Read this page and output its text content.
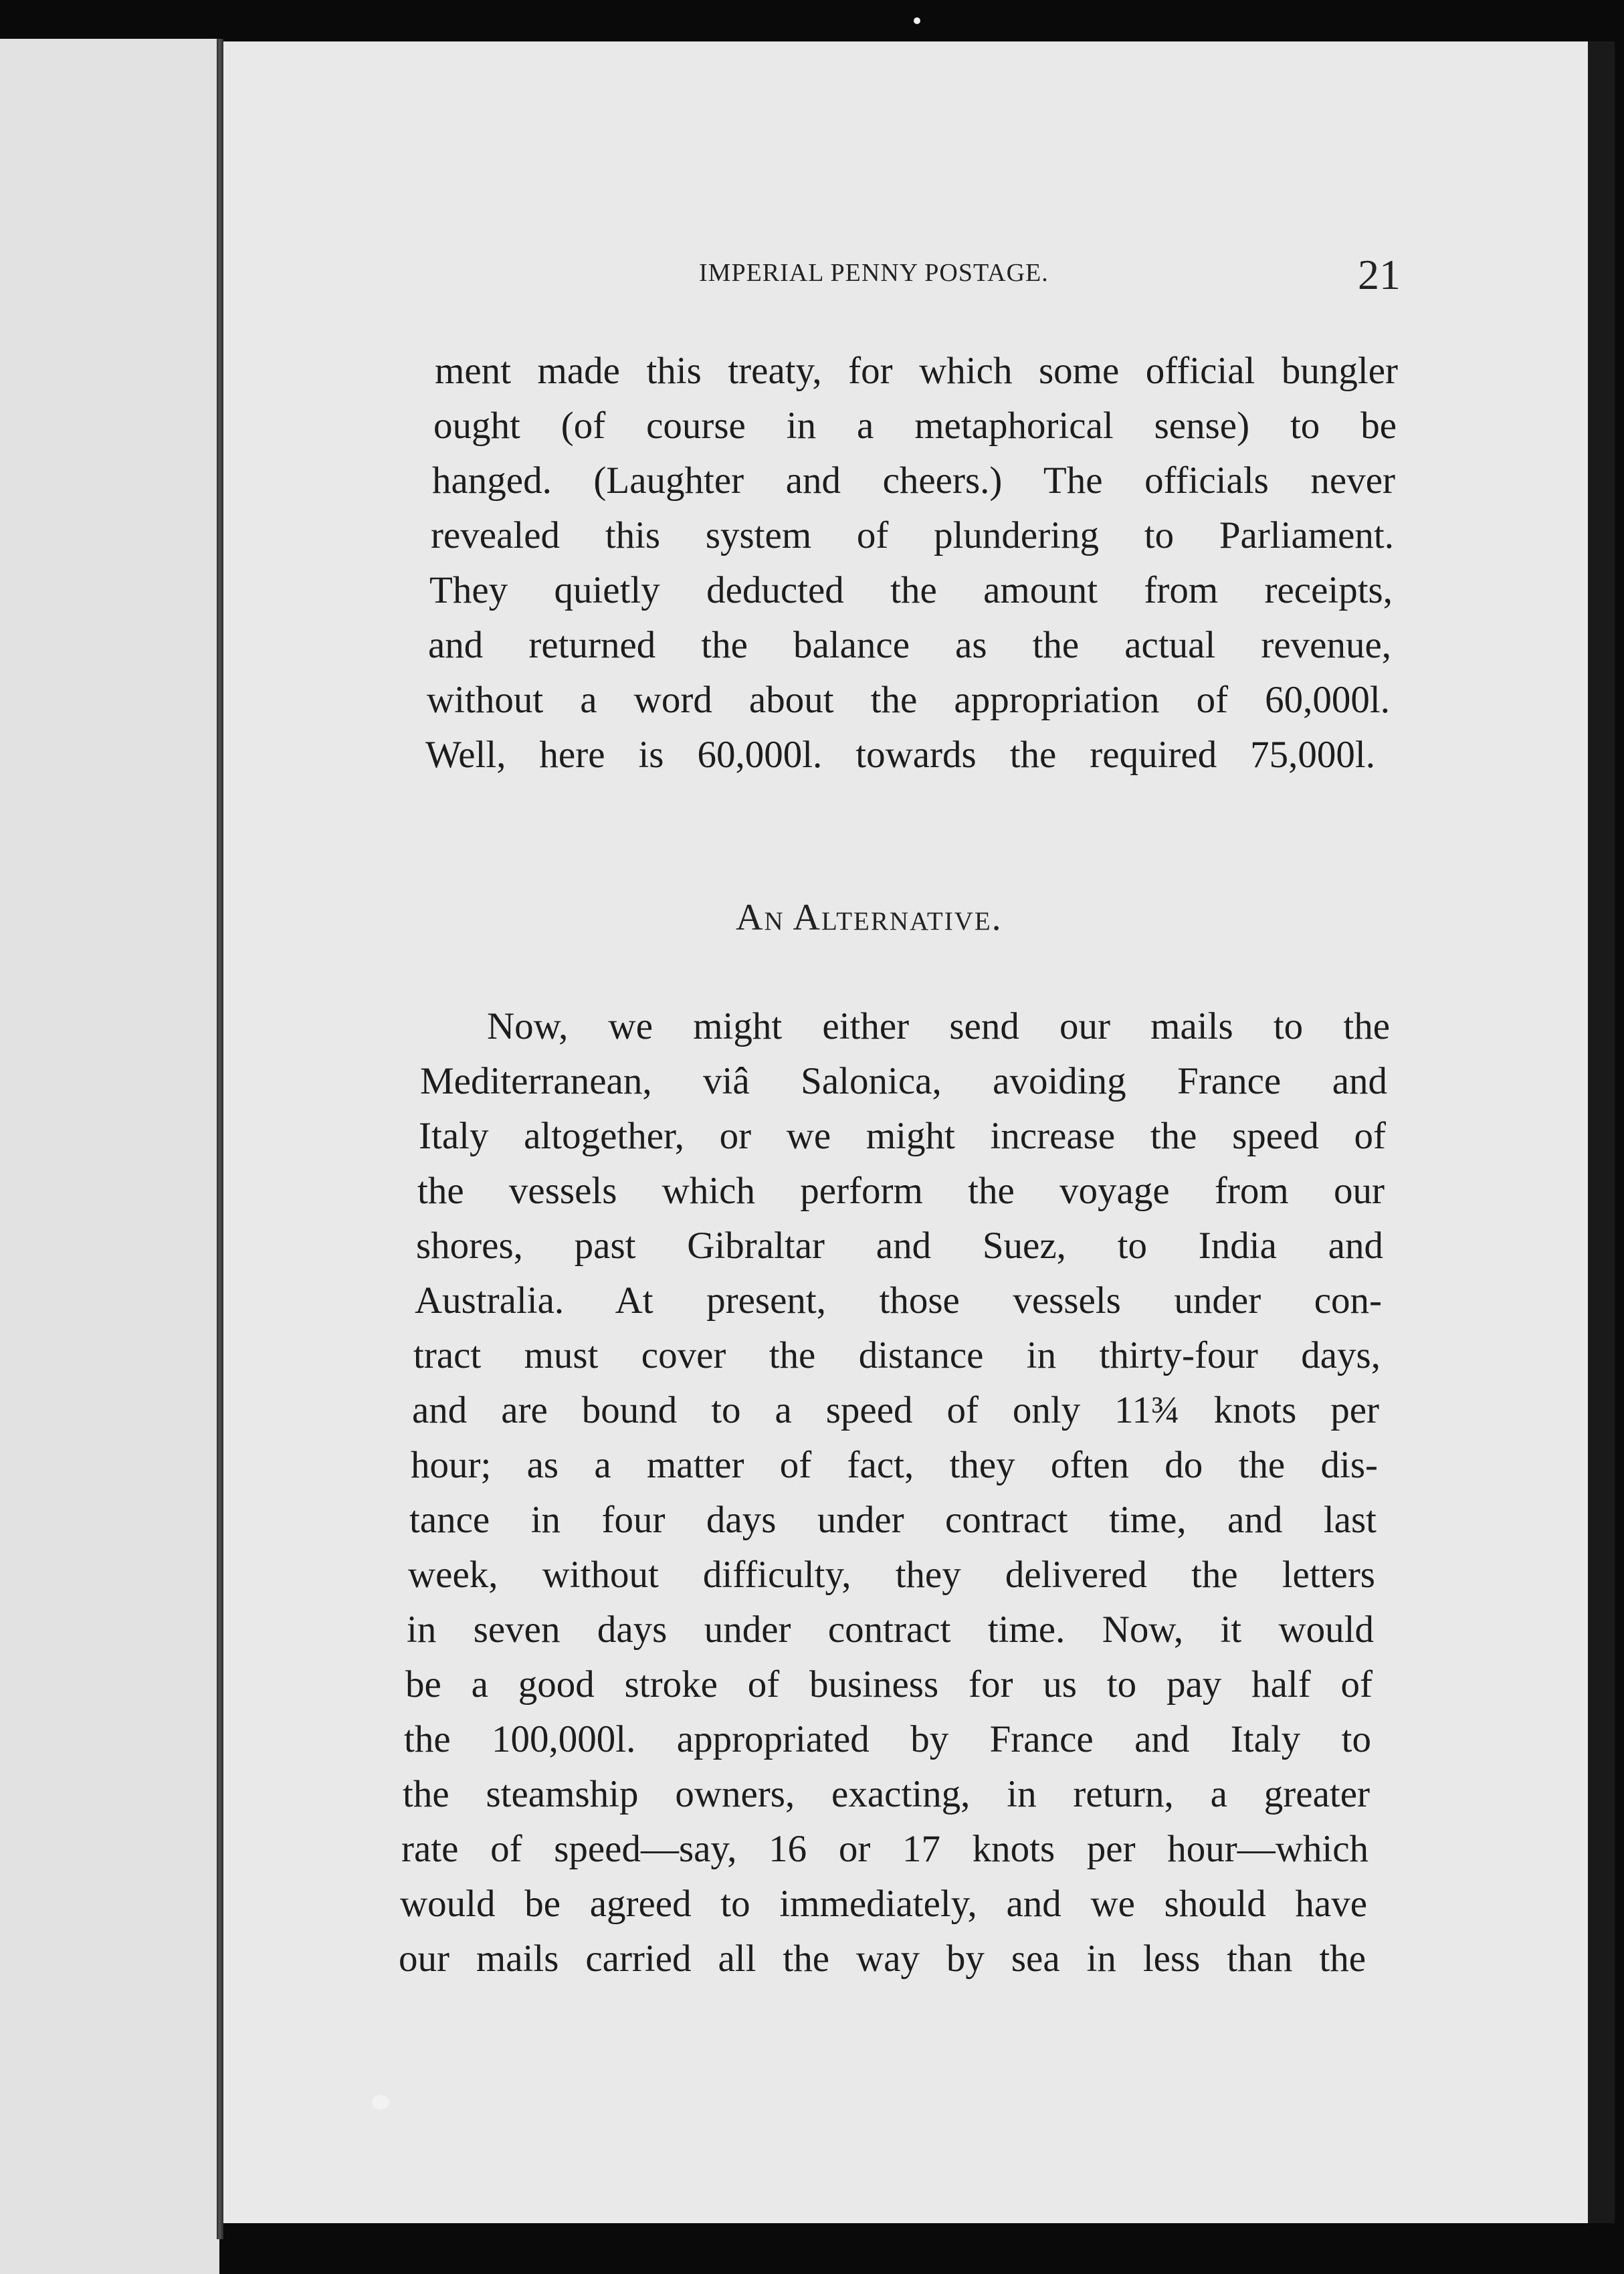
IMPERIAL PENNY POSTAGE.	21
ment made this treaty, for which some official bungler
ought (of course in a metaphorical sense) to be
hanged. (Laughter and cheers.) The officials never
revealed this system of plundering to Parliament.
They quietly deducted the amount from receipts,
and returned the balance as the actual revenue,
without a word about the appropriation of 60,000l.
Well, here is 60,000l. towards the required 75,000l.
An Alternative.
Now, we might either send our mails to the
Mediterranean, viâ Salonica, avoiding France and
Italy altogether, or we might increase the speed of
the vessels which perform the voyage from our
shores, past Gibraltar and Suez, to India and
Australia. At present, those vessels under con-
tract must cover the distance in thirty-four days,
and are bound to a speed of only 11¾ knots per
hour; as a matter of fact, they often do the dis-
tance in four days under contract time, and last
week, without difficulty, they delivered the letters
in seven days under contract time. Now, it would
be a good stroke of business for us to pay half of
the 100,000l. appropriated by France and Italy to
the steamship owners, exacting, in return, a greater
rate of speed—say, 16 or 17 knots per hour—which
would be agreed to immediately, and we should have
our mails carried all the way by sea in less than the
